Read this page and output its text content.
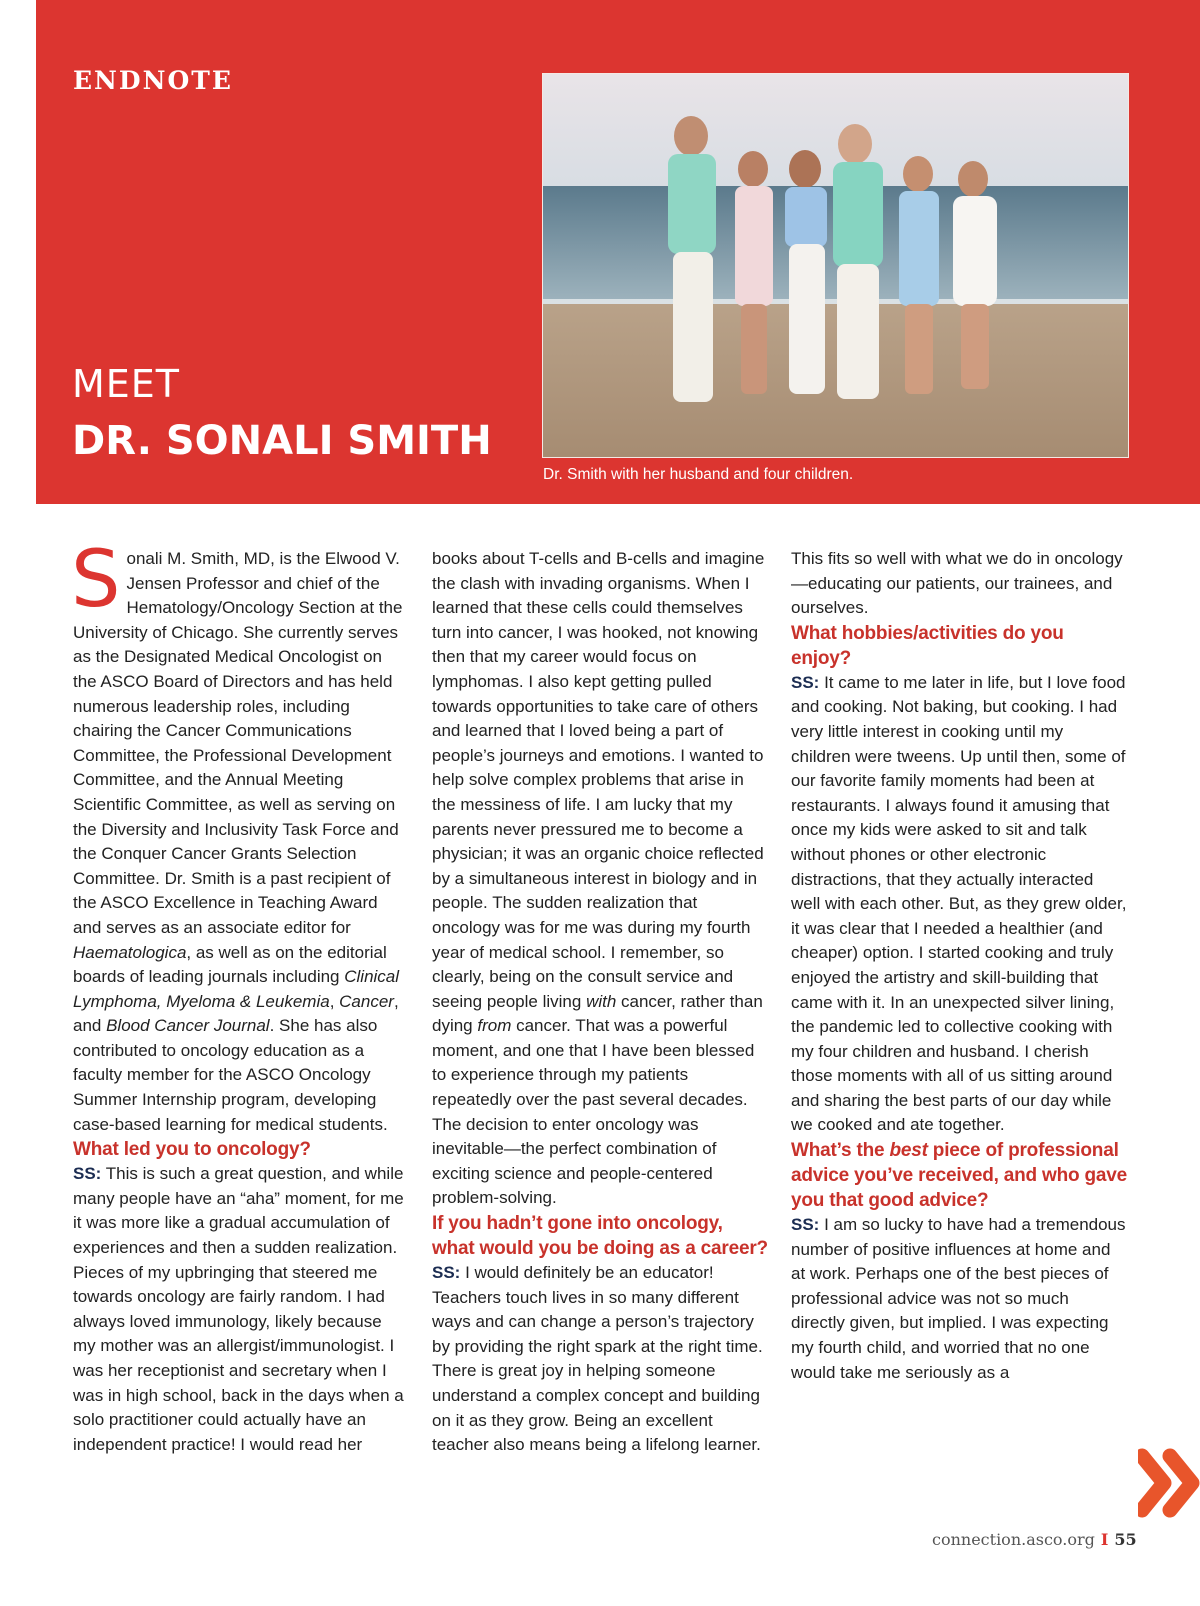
ENDNOTE
MEET
DR. SONALI SMITH
Dr. Smith with her husband and four children.

Sonali M. Smith, MD, is the Elwood V. Jensen Professor and chief of the Hematology/Oncology Section at the University of Chicago. She currently serves as the Designated Medical Oncologist on the ASCO Board of Directors and has held numerous leadership roles, including chairing the Cancer Communications Committee, the Professional Development Committee, and the Annual Meeting Scientific Committee, as well as serving on the Diversity and Inclusivity Task Force and the Conquer Cancer Grants Selection Committee. Dr. Smith is a past recipient of the ASCO Excellence in Teaching Award and serves as an associate editor for Haematologica, as well as on the editorial boards of leading journals including Clinical Lymphoma, Myeloma & Leukemia, Cancer, and Blood Cancer Journal. She has also contributed to oncology education as a faculty member for the ASCO Oncology Summer Internship program, developing case-based learning for medical students.

What led you to oncology?

SS: This is such a great question, and while many people have an “aha” moment, for me it was more like a gradual accumulation of experiences and then a sudden realization. Pieces of my upbringing that steered me towards oncology are fairly random. I had always loved immunology, likely because my mother was an allergist/immunologist. I was her receptionist and secretary when I was in high school, back in the days when a solo practitioner could actually have an independent practice! I would read her

books about T-cells and B-cells and imagine the clash with invading organisms. When I learned that these cells could themselves turn into cancer, I was hooked, not knowing then that my career would focus on lymphomas. I also kept getting pulled towards opportunities to take care of others and learned that I loved being a part of people’s journeys and emotions. I wanted to help solve complex problems that arise in the messiness of life. I am lucky that my parents never pressured me to become a physician; it was an organic choice reflected by a simultaneous interest in biology and in people. The sudden realization that oncology was for me was during my fourth year of medical school. I remember, so clearly, being on the consult service and seeing people living with cancer, rather than dying from cancer. That was a powerful moment, and one that I have been blessed to experience through my patients repeatedly over the past several decades. The decision to enter oncology was inevitable—the perfect combination of exciting science and people-centered problem-solving.

If you hadn’t gone into oncology, what would you be doing as a career?

SS: I would definitely be an educator! Teachers touch lives in so many different ways and can change a person’s trajectory by providing the right spark at the right time. There is great joy in helping someone understand a complex concept and building on it as they grow. Being an excellent teacher also means being a lifelong learner.

This fits so well with what we do in oncology—educating our patients, our trainees, and ourselves.

What hobbies/activities do you enjoy?

SS: It came to me later in life, but I love food and cooking. Not baking, but cooking. I had very little interest in cooking until my children were tweens. Up until then, some of our favorite family moments had been at restaurants. I always found it amusing that once my kids were asked to sit and talk without phones or other electronic distractions, that they actually interacted well with each other. But, as they grew older, it was clear that I needed a healthier (and cheaper) option. I started cooking and truly enjoyed the artistry and skill-building that came with it. In an unexpected silver lining, the pandemic led to collective cooking with my four children and husband. I cherish those moments with all of us sitting around and sharing the best parts of our day while we cooked and ate together.

What’s the best piece of professional advice you’ve received, and who gave you that good advice?

SS: I am so lucky to have had a tremendous number of positive influences at home and at work. Perhaps one of the best pieces of professional advice was not so much directly given, but implied. I was expecting my fourth child, and worried that no one would take me seriously as a

connection.asco.org I 55
